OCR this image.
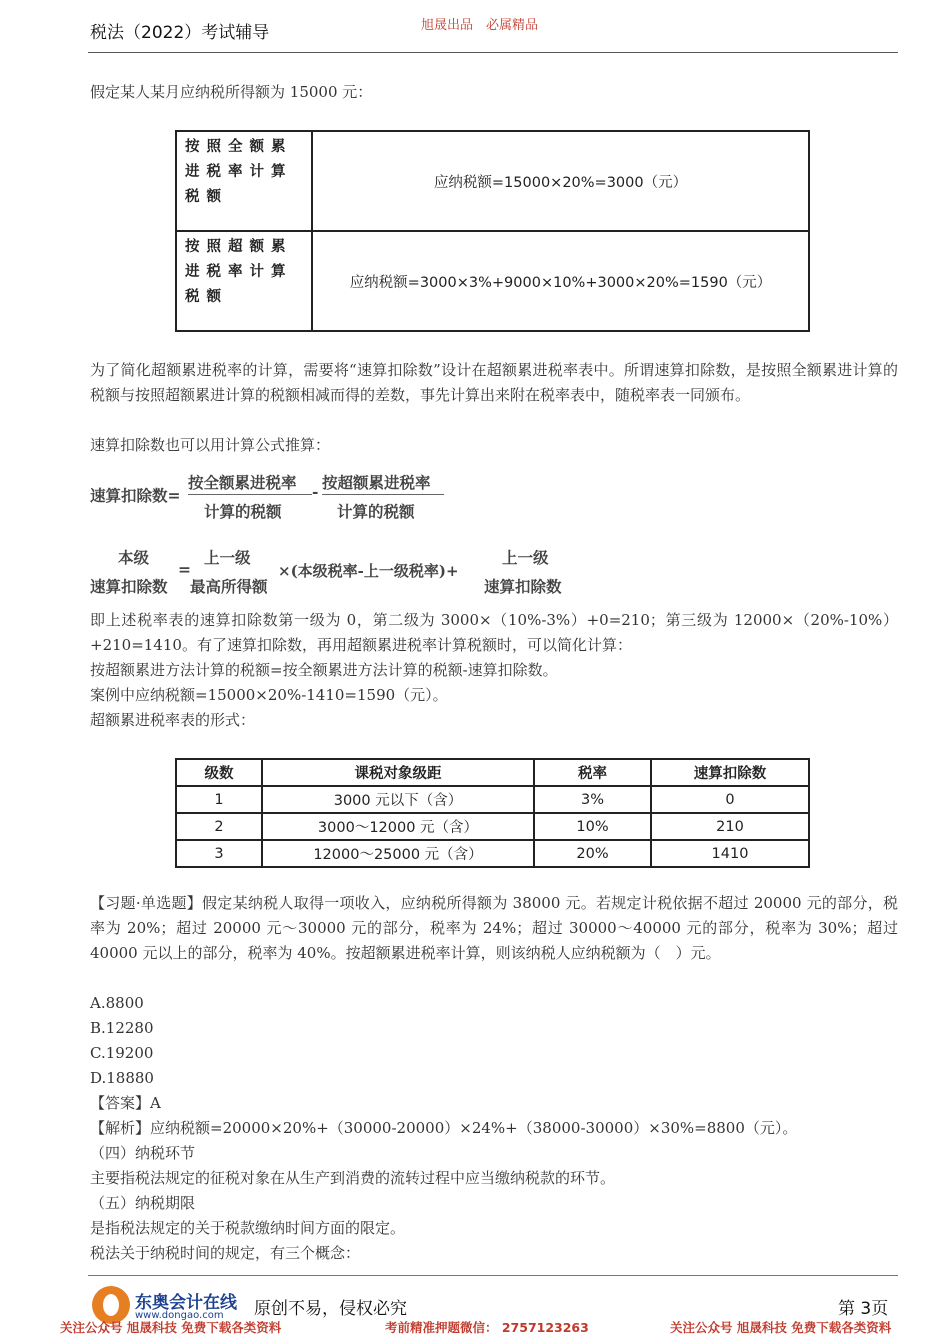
税法（2022）考试辅导	旭晟出品　必属精品
假定某人某月应纳税所得额为 15000 元：
按照全额累进税率计算税额	应纳税额=15000×20%=3000（元）
按照超额累进税率计算税额	应纳税额=3000×3%+9000×10%+3000×20%=1590（元）
为了简化超额累进税率的计算，需要将“速算扣除数”设计在超额累进税率表中。所谓速算扣除数，是按照全额累进计算的税额与按照超额累进计算的税额相减而得的差数，事先计算出来附在税率表中，随税率表一同颁布。
速算扣除数也可以用计算公式推算：
速算扣除数=
按全额累进税率
计算的税额
- 按超额累进税率
计算的税额
本级
速算扣除数
=
上一级
最高所得额
×(本级税率-上一级税率)+
上一级
速算扣除数
即上述税率表的速算扣除数第一级为 0，第二级为 3000×（10%-3%）+0=210；第三级为 12000×（20%-10%）+210=1410。有了速算扣除数，再用超额累进税率计算税额时，可以简化计算：
按超额累进方法计算的税额=按全额累进方法计算的税额-速算扣除数。
案例中应纳税额=15000×20%-1410=1590（元）。
超额累进税率表的形式：
级数	课税对象级距	税率	速算扣除数
1	3000 元以下（含）	3%	0
2	3000～12000 元（含）	10%	210
3	12000～25000 元（含）	20%	1410
【习题·单选题】假定某纳税人取得一项收入，应纳税所得额为 38000 元。若规定计税依据不超过 20000 元的部分，税率为 20%；超过 20000 元～30000 元的部分，税率为 24%；超过 30000～40000 元的部分，税率为 30%；超过 40000 元以上的部分，税率为 40%。按超额累进税率计算，则该纳税人应纳税额为（　）元。
A.8800
B.12280
C.19200
D.18880
【答案】A
【解析】应纳税额=20000×20%+（30000-20000）×24%+（38000-30000）×30%=8800（元）。
（四）纳税环节
主要指税法规定的征税对象在从生产到消费的流转过程中应当缴纳税款的环节。
（五）纳税期限
是指税法规定的关于税款缴纳时间方面的限定。
税法关于纳税时间的规定，有三个概念：
东奥会计在线
www.dongao.com 原创不易，侵权必究	第 3页
关注公众号 旭晟科技 免费下载各类资料	考前精准押题微信： 2757123263	关注公众号 旭晟科技 免费下载各类资料
